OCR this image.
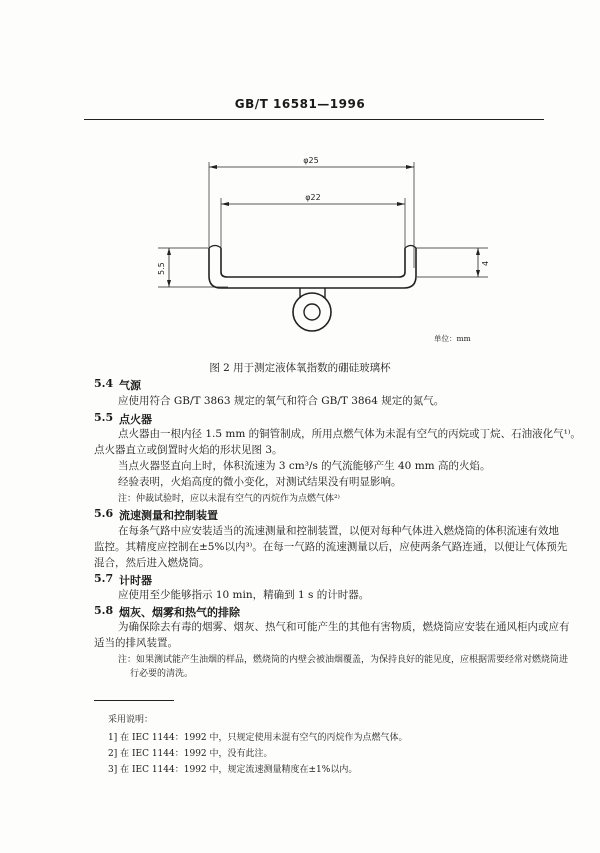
GB/T 16581—1996
φ25
φ22
5.5	4
单位：mm
图 2 用于测定液体氧指数的硼硅玻璃杯
5.4 气源
应使用符合 GB/T 3863 规定的氧气和符合 GB/T 3864 规定的氮气。
5.5 点火器
点火器由一根内径 1.5 mm 的铜管制成，所用点燃气体为未混有空气的丙烷或丁烷、石油液化气¹⁾。
点火器直立或倒置时火焰的形状见图 3。
当点火器竖直向上时，体积流速为 3 cm³/s 的气流能够产生 40 mm 高的火焰。
经验表明，火焰高度的微小变化，对测试结果没有明显影响。
注：仲裁试验时，应以未混有空气的丙烷作为点燃气体²⁾
5.6 流速测量和控制装置
在每条气路中应安装适当的流速测量和控制装置，以便对每种气体进入燃烧筒的体积流速有效地
监控。其精度应控制在±5%以内³⁾。在每一气路的流速测量以后，应使两条气路连通，以便让气体预先
混合，然后进入燃烧筒。
5.7 计时器
应使用至少能够指示 10 min，精确到 1 s 的计时器。
5.8 烟灰、烟雾和热气的排除
为确保除去有毒的烟雾、烟灰、热气和可能产生的其他有害物质，燃烧筒应安装在通风柜内或应有
适当的排风装置。
注：如果测试能产生油烟的样品，燃烧筒的内壁会被油烟覆盖，为保持良好的能见度，应根据需要经常对燃烧筒进
行必要的清洗。
采用说明：
1] 在 IEC 1144：1992 中，只规定使用未混有空气的丙烷作为点燃气体。
2] 在 IEC 1144：1992 中，没有此注。
3] 在 IEC 1144：1992 中，规定流速测量精度在±1%以内。
